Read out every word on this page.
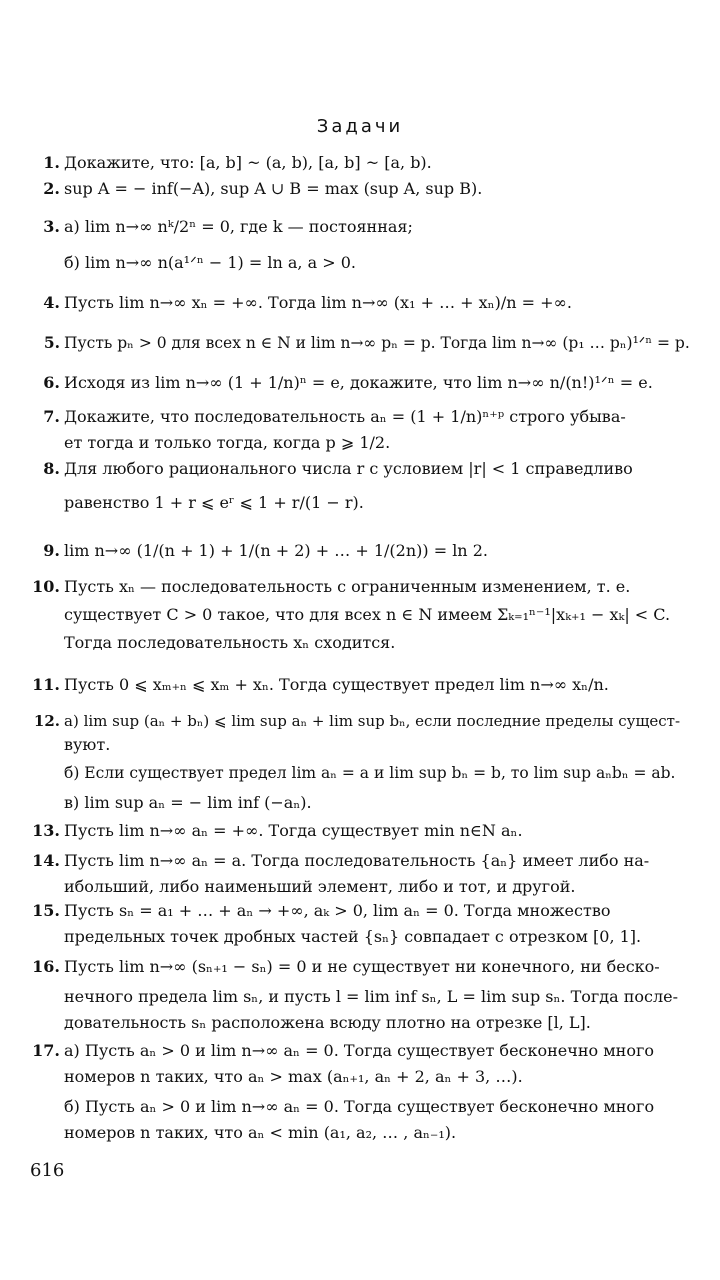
Задачи
1. Докажите, что: [a, b] ~ (a, b), [a, b] ~ [a, b).
2. sup A = − inf(−A), sup A ∪ B = max (sup A, sup B).
3. а) lim n→∞ nᵏ/2ⁿ = 0, где k — постоянная;
б) lim n→∞ n(a¹ᐟⁿ − 1) = ln a, a > 0.
4. Пусть lim n→∞ xₙ = +∞. Тогда lim n→∞ (x₁ + … + xₙ)/n = +∞.
5. Пусть pₙ > 0 для всех n ∈ N и lim n→∞ pₙ = p. Тогда lim n→∞ (p₁ … pₙ)¹ᐟⁿ = p.
6. Исходя из lim n→∞ (1 + 1/n)ⁿ = e, докажите, что lim n→∞ n/(n!)¹ᐟⁿ = e.
7. Докажите, что последовательность aₙ = (1 + 1/n)ⁿ⁺ᵖ строго убыва-
ет тогда и только тогда, когда p ⩾ 1/2.
8. Для любого рационального числа r с условием |r| < 1 справедливо
равенство 1 + r ⩽ eʳ ⩽ 1 + r/(1 − r).
9. lim n→∞ (1/(n + 1) + 1/(n + 2) + … + 1/(2n)) = ln 2.
10. Пусть xₙ — последовательность с ограниченным изменением, т. е.
существует C > 0 такое, что для всех n ∈ N имеем Σₖ₌₁ⁿ⁻¹|xₖ₊₁ − xₖ| < C.
Тогда последовательность xₙ сходится.
11. Пусть 0 ⩽ xₘ₊ₙ ⩽ xₘ + xₙ. Тогда существует предел lim n→∞ xₙ/n.
12. а) lim sup (aₙ + bₙ) ⩽ lim sup aₙ + lim sup bₙ, если последние пределы сущест-
вуют.
б) Если существует предел lim aₙ = a и lim sup bₙ = b, то lim sup aₙbₙ = ab.
в) lim sup aₙ = − lim inf (−aₙ).
13. Пусть lim n→∞ aₙ = +∞. Тогда существует min n∈N aₙ.
14. Пусть lim n→∞ aₙ = a. Тогда последовательность {aₙ} имеет либо на-
ибольший, либо наименьший элемент, либо и тот, и другой.
15. Пусть sₙ = a₁ + … + aₙ → +∞, aₖ > 0, lim aₙ = 0. Тогда множество
предельных точек дробных частей {sₙ} совпадает с отрезком [0, 1].
16. Пусть lim n→∞ (sₙ₊₁ − sₙ) = 0 и не существует ни конечного, ни беско-
нечного предела lim sₙ, и пусть l = lim inf sₙ, L = lim sup sₙ. Тогда после-
довательность sₙ расположена всюду плотно на отрезке [l, L].
17. а) Пусть aₙ > 0 и lim n→∞ aₙ = 0. Тогда существует бесконечно много
номеров n таких, что aₙ > max (aₙ₊₁, aₙ + 2, aₙ + 3, …).
б) Пусть aₙ > 0 и lim n→∞ aₙ = 0. Тогда существует бесконечно много
номеров n таких, что aₙ < min (a₁, a₂, … , aₙ₋₁).
616
